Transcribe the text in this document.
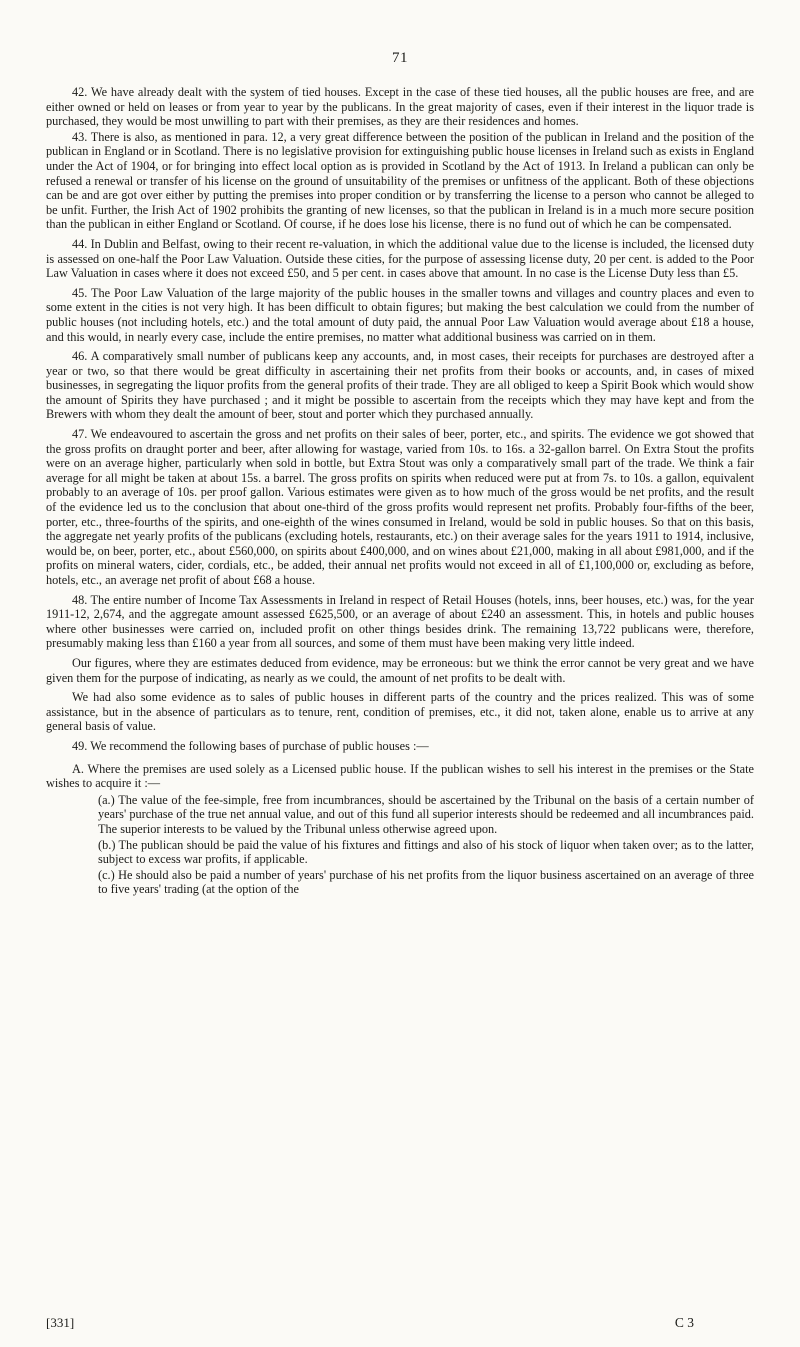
71

42. We have already dealt with the system of tied houses. Except in the case of these tied houses, all the public houses are free, and are either owned or held on leases or from year to year by the publicans. In the great majority of cases, even if their interest in the liquor trade is purchased, they would be most unwilling to part with their premises, as they are their residences and homes.

43. There is also, as mentioned in para. 12, a very great difference between the position of the publican in Ireland and the position of the publican in England or in Scotland. There is no legislative provision for extinguishing public house licenses in Ireland such as exists in England under the Act of 1904, or for bringing into effect local option as is provided in Scotland by the Act of 1913. In Ireland a publican can only be refused a renewal or transfer of his license on the ground of unsuitability of the premises or unfitness of the applicant. Both of these objections can be and are got over either by putting the premises into proper condition or by transferring the license to a person who cannot be alleged to be unfit. Further, the Irish Act of 1902 prohibits the granting of new licenses, so that the publican in Ireland is in a much more secure position than the publican in either England or Scotland. Of course, if he does lose his license, there is no fund out of which he can be compensated.

44. In Dublin and Belfast, owing to their recent re-valuation, in which the additional value due to the license is included, the licensed duty is assessed on one-half the Poor Law Valuation. Outside these cities, for the purpose of assessing license duty, 20 per cent. is added to the Poor Law Valuation in cases where it does not exceed £50, and 5 per cent. in cases above that amount. In no case is the License Duty less than £5.

45. The Poor Law Valuation of the large majority of the public houses in the smaller towns and villages and country places and even to some extent in the cities is not very high. It has been difficult to obtain figures; but making the best calculation we could from the number of public houses (not including hotels, etc.) and the total amount of duty paid, the annual Poor Law Valuation would average about £18 a house, and this would, in nearly every case, include the entire premises, no matter what additional business was carried on in them.

46. A comparatively small number of publicans keep any accounts, and, in most cases, their receipts for purchases are destroyed after a year or two, so that there would be great difficulty in ascertaining their net profits from their books or accounts, and, in cases of mixed businesses, in segregating the liquor profits from the general profits of their trade. They are all obliged to keep a Spirit Book which would show the amount of Spirits they have purchased ; and it might be possible to ascertain from the receipts which they may have kept and from the Brewers with whom they dealt the amount of beer, stout and porter which they purchased annually.

47. We endeavoured to ascertain the gross and net profits on their sales of beer, porter, etc., and spirits. The evidence we got showed that the gross profits on draught porter and beer, after allowing for wastage, varied from 10s. to 16s. a 32-gallon barrel. On Extra Stout the profits were on an average higher, particularly when sold in bottle, but Extra Stout was only a comparatively small part of the trade. We think a fair average for all might be taken at about 15s. a barrel. The gross profits on spirits when reduced were put at from 7s. to 10s. a gallon, equivalent probably to an average of 10s. per proof gallon. Various estimates were given as to how much of the gross would be net profits, and the result of the evidence led us to the conclusion that about one-third of the gross profits would represent net profits. Probably four-fifths of the beer, porter, etc., three-fourths of the spirits, and one-eighth of the wines consumed in Ireland, would be sold in public houses. So that on this basis, the aggregate net yearly profits of the publicans (excluding hotels, restaurants, etc.) on their average sales for the years 1911 to 1914, inclusive, would be, on beer, porter, etc., about £560,000, on spirits about £400,000, and on wines about £21,000, making in all about £981,000, and if the profits on mineral waters, cider, cordials, etc., be added, their annual net profits would not exceed in all of £1,100,000 or, excluding as before, hotels, etc., an average net profit of about £68 a house.

48. The entire number of Income Tax Assessments in Ireland in respect of Retail Houses (hotels, inns, beer houses, etc.) was, for the year 1911-12, 2,674, and the aggregate amount assessed £625,500, or an average of about £240 an assessment. This, in hotels and public houses where other businesses were carried on, included profit on other things besides drink. The remaining 13,722 publicans were, therefore, presumably making less than £160 a year from all sources, and some of them must have been making very little indeed.

Our figures, where they are estimates deduced from evidence, may be erroneous: but we think the error cannot be very great and we have given them for the purpose of indicating, as nearly as we could, the amount of net profits to be dealt with.

We had also some evidence as to sales of public houses in different parts of the country and the prices realized. This was of some assistance, but in the absence of particulars as to tenure, rent, condition of premises, etc., it did not, taken alone, enable us to arrive at any general basis of value.

49. We recommend the following bases of purchase of public houses :—

A. Where the premises are used solely as a Licensed public house. If the publican wishes to sell his interest in the premises or the State wishes to acquire it :—

(a.) The value of the fee-simple, free from incumbrances, should be ascertained by the Tribunal on the basis of a certain number of years' purchase of the true net annual value, and out of this fund all superior interests should be redeemed and all incumbrances paid. The superior interests to be valued by the Tribunal unless otherwise agreed upon.

(b.) The publican should be paid the value of his fixtures and fittings and also of his stock of liquor when taken over; as to the latter, subject to excess war profits, if applicable.

(c.) He should also be paid a number of years' purchase of his net profits from the liquor business ascertained on an average of three to five years' trading (at the option of the

[331]	C 3
